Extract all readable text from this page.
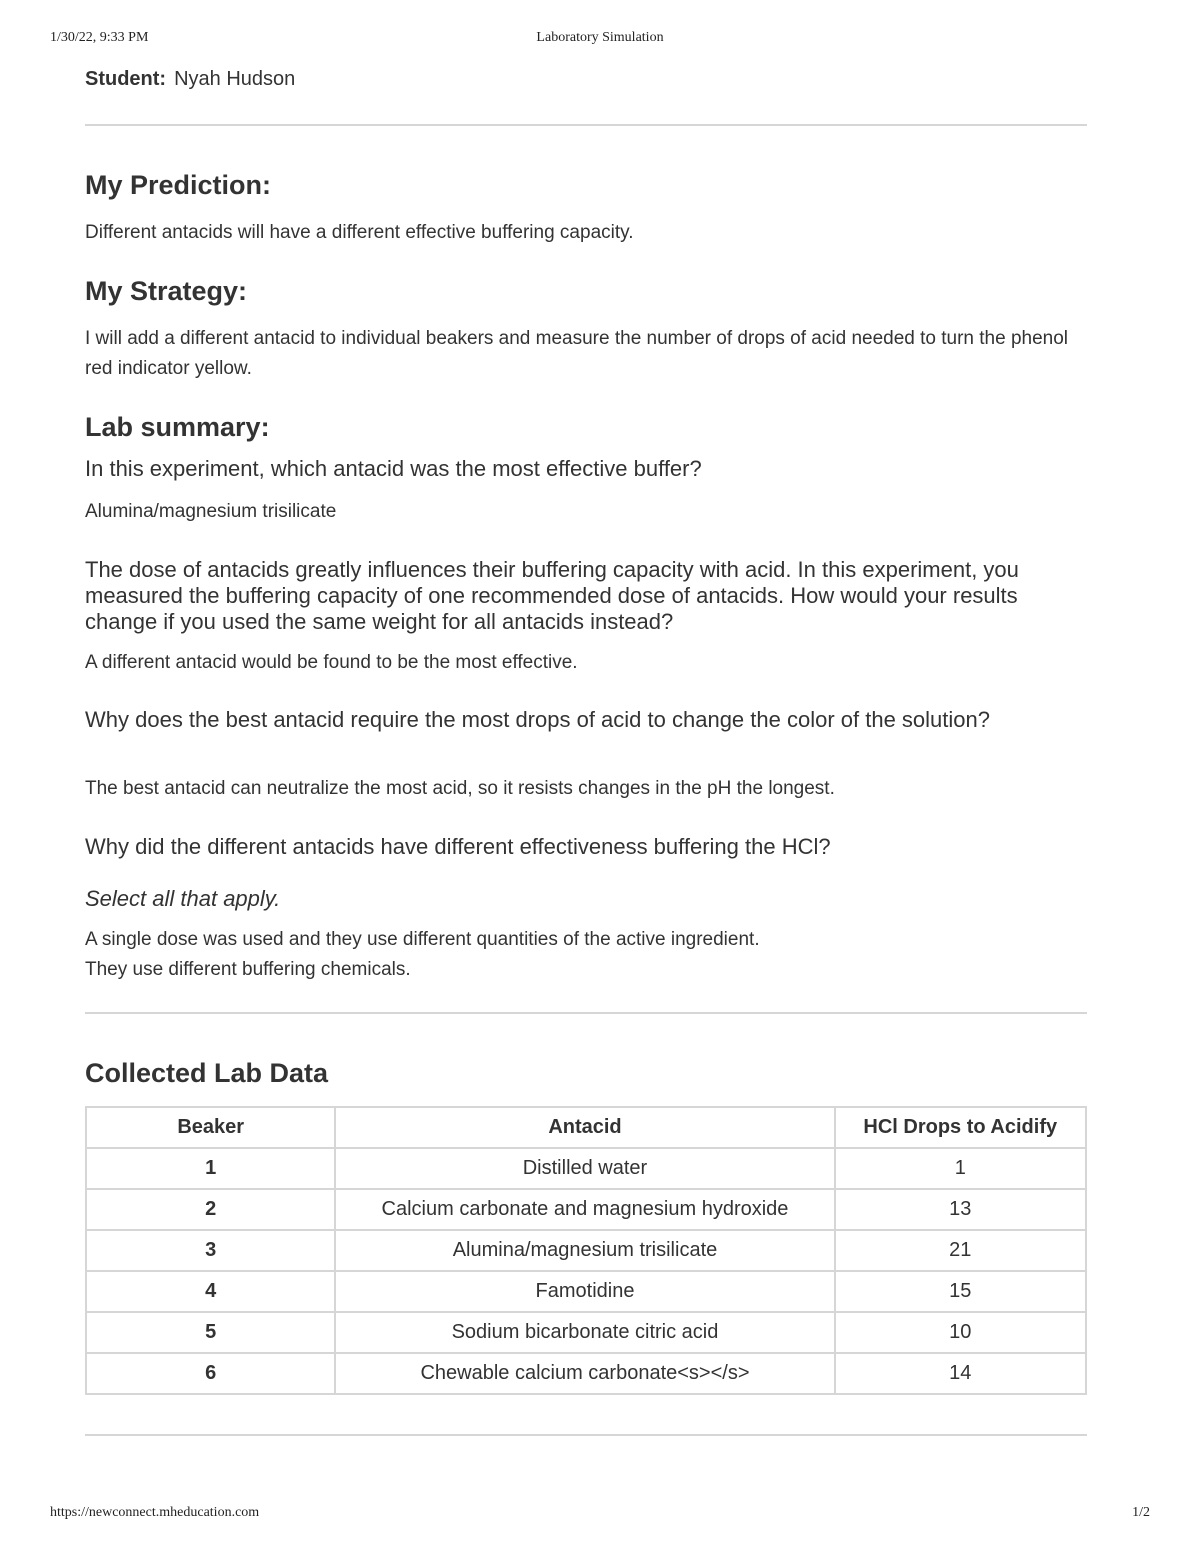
1/30/22, 9:33 PM	Laboratory Simulation
Student: Nyah Hudson
My Prediction:

Different antacids will have a different effective buffering capacity.

My Strategy:

I will add a different antacid to individual beakers and measure the number of drops of acid needed to turn the phenol red indicator yellow.

Lab summary:

In this experiment, which antacid was the most effective buffer?

Alumina/magnesium trisilicate

The dose of antacids greatly influences their buffering capacity with acid. In this experiment, you measured the buffering capacity of one recommended dose of antacids. How would your results change if you used the same weight for all antacids instead?

A different antacid would be found to be the most effective.

Why does the best antacid require the most drops of acid to change the color of the solution?

The best antacid can neutralize the most acid, so it resists changes in the pH the longest.

Why did the different antacids have different effectiveness buffering the HCl?

Select all that apply.

A single dose was used and they use different quantities of the active ingredient.

They use different buffering chemicals.

Collected Lab Data
Beaker	Antacid	HCl Drops to Acidify
1	Distilled water	1
2	Calcium carbonate and magnesium hydroxide	13
3	Alumina/magnesium trisilicate	21
4	Famotidine	15
5	Sodium bicarbonate citric acid	10
6	Chewable calcium carbonate<s></s>	14
https://newconnect.mheducation.com	1/2
